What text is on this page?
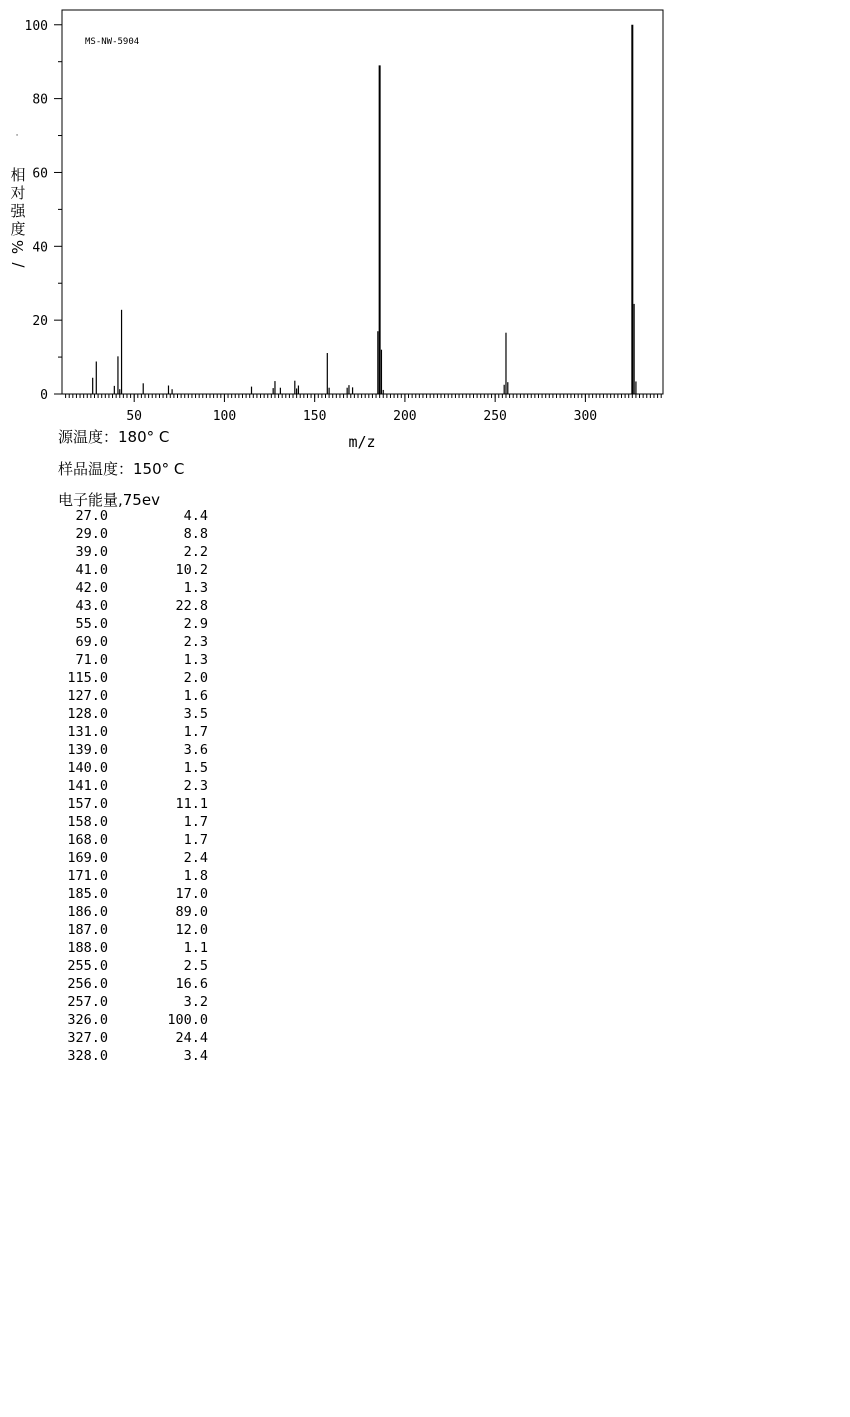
50	100	150	200	250	300
0
20
40
60
80
100
MS-NW-5904
m/z
·
相
对
强
度
%
/
源温度：180° C
样品温度：150° C
电子能量,75ev
27.0	4.4
29.0	8.8
39.0	2.2
41.0	10.2
42.0	1.3
43.0	22.8
55.0	2.9
69.0	2.3
71.0	1.3
115.0	2.0
127.0	1.6
128.0	3.5
131.0	1.7
139.0	3.6
140.0	1.5
141.0	2.3
157.0	11.1
158.0	1.7
168.0	1.7
169.0	2.4
171.0	1.8
185.0	17.0
186.0	89.0
187.0	12.0
188.0	1.1
255.0	2.5
256.0	16.6
257.0	3.2
326.0	100.0
327.0	24.4
328.0	3.4
